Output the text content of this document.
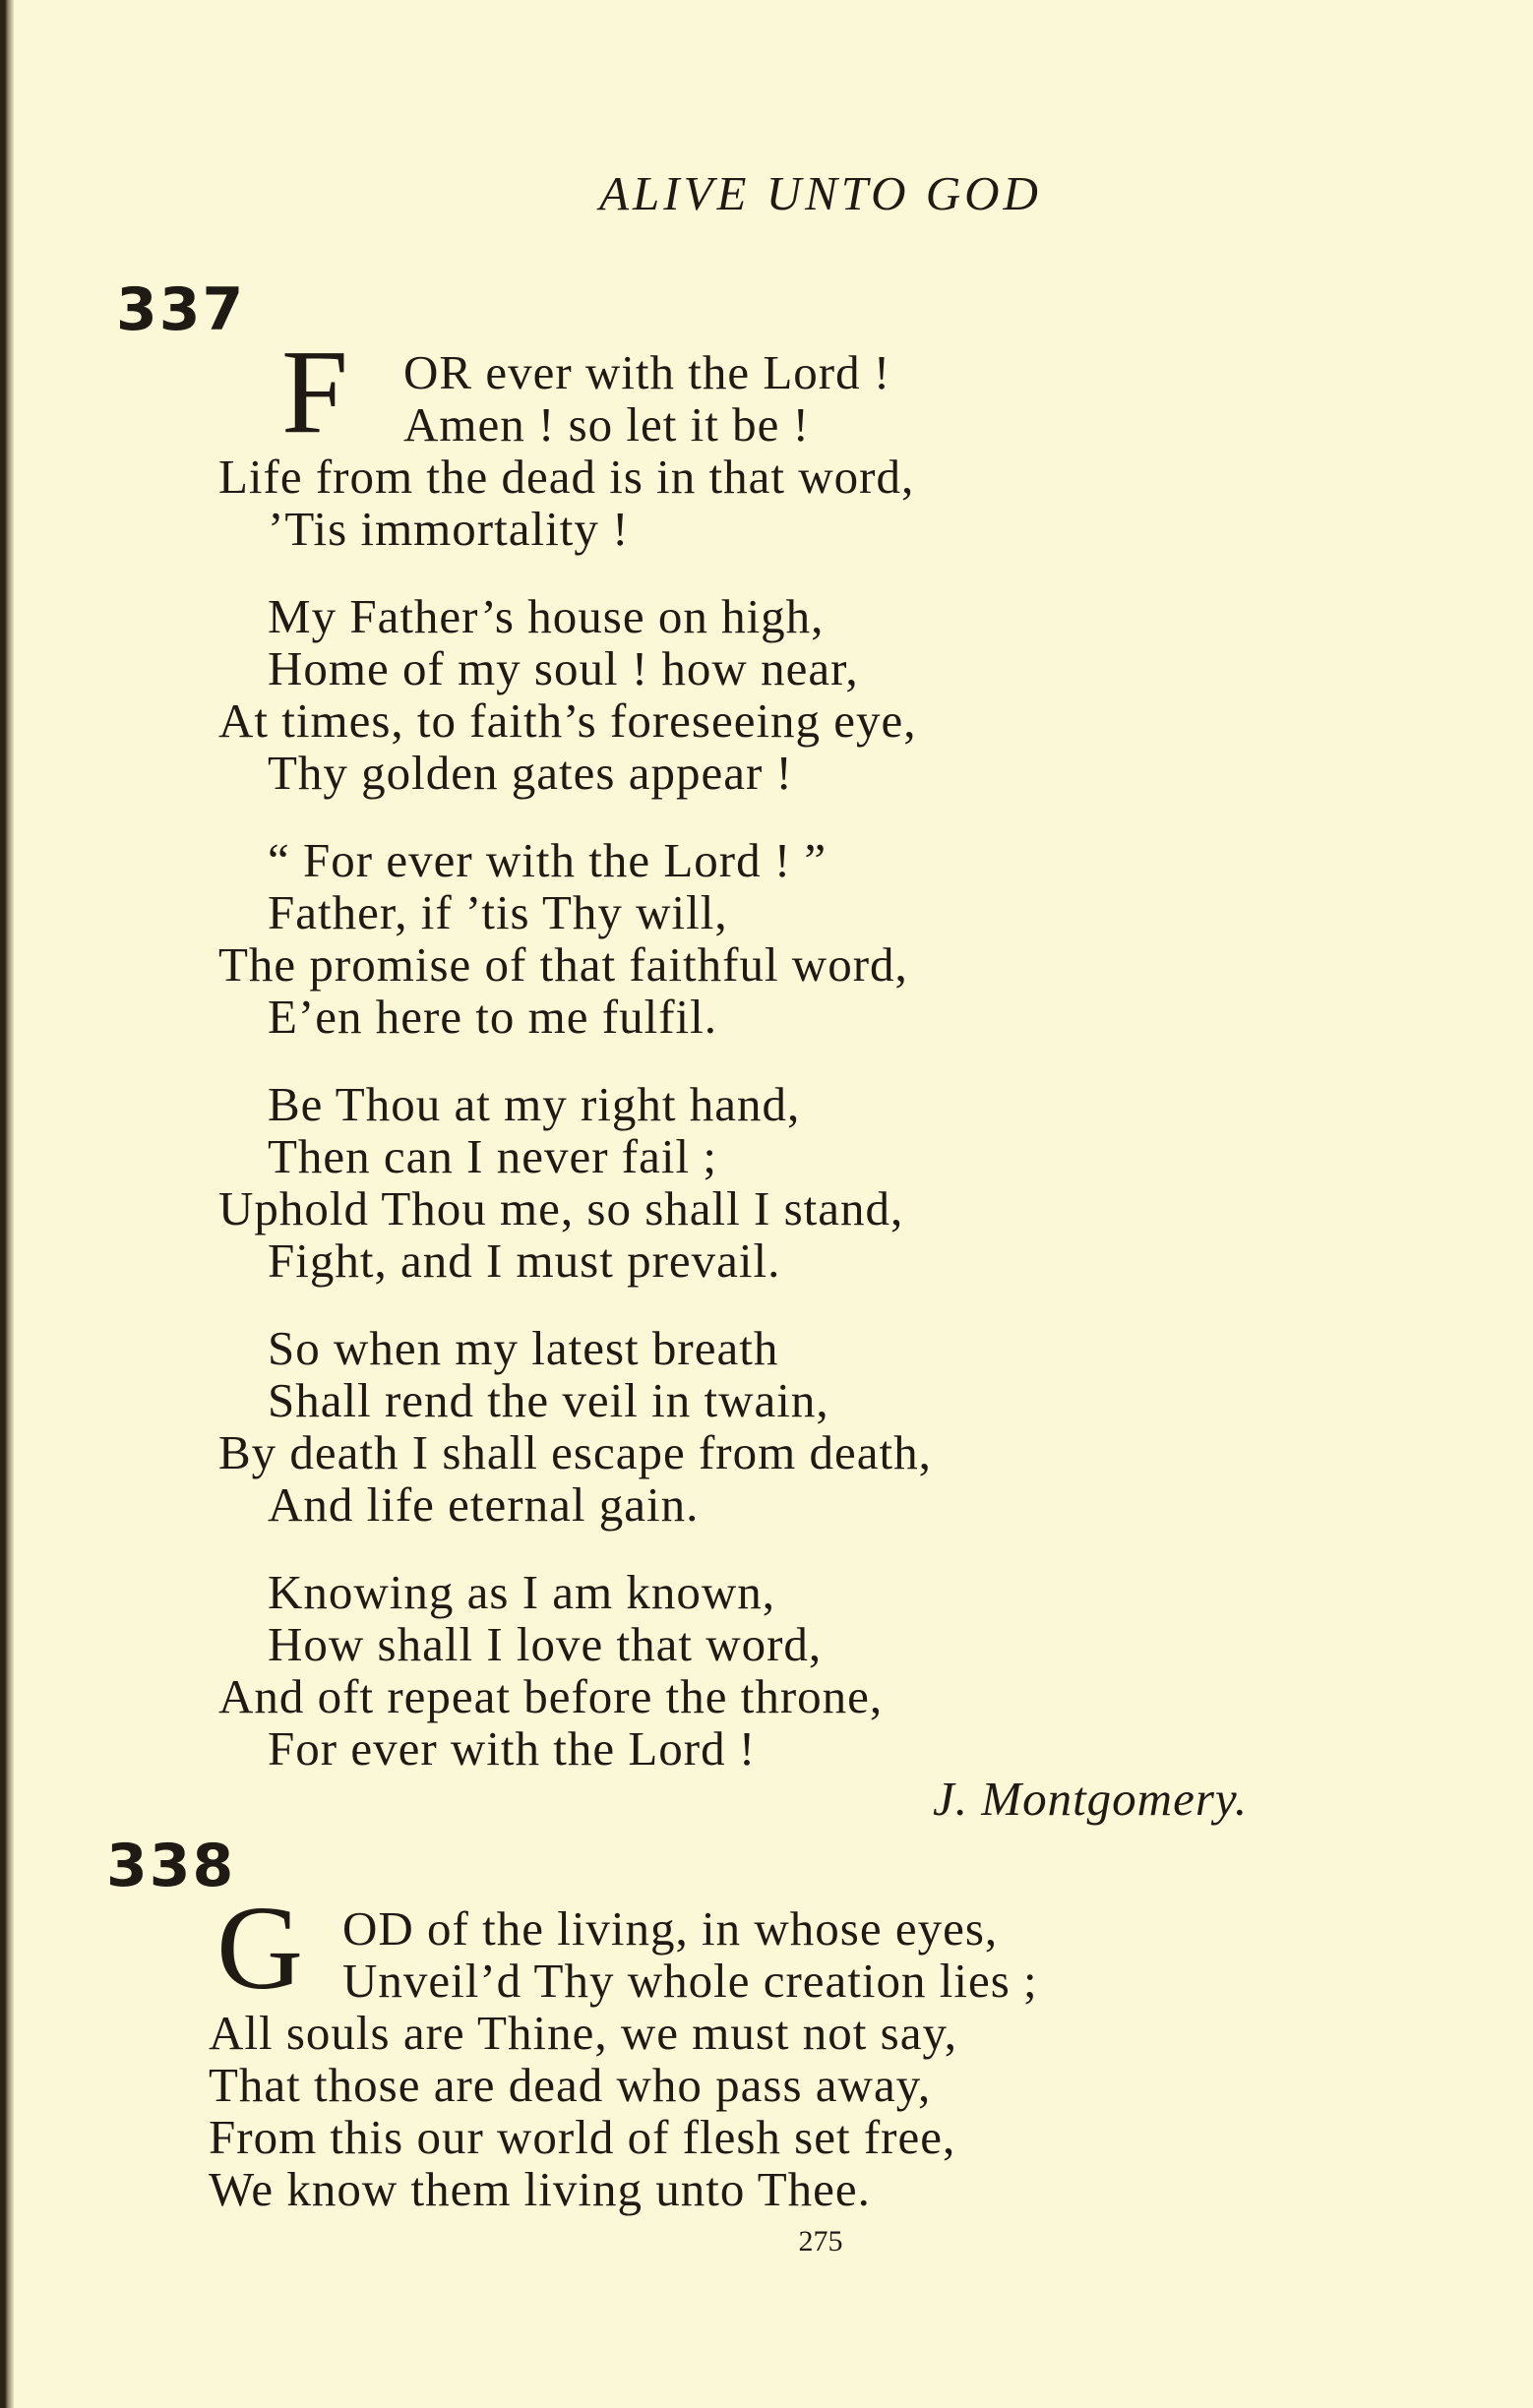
ALIVE UNTO GOD
337
F OR ever with the Lord !
Amen ! so let it be !
Life from the dead is in that word,
’Tis immortality !
My Father’s house on high,
Home of my soul ! how near,
At times, to faith’s foreseeing eye,
Thy golden gates appear !
“ For ever with the Lord ! ”
Father, if ’tis Thy will,
The promise of that faithful word,
E’en here to me fulfil.
Be Thou at my right hand,
Then can I never fail ;
Uphold Thou me, so shall I stand,
Fight, and I must prevail.
So when my latest breath
Shall rend the veil in twain,
By death I shall escape from death,
And life eternal gain.
Knowing as I am known,
How shall I love that word,
And oft repeat before the throne,
For ever with the Lord !
J. Montgomery.
338
G OD of the living, in whose eyes,
Unveil’d Thy whole creation lies ;
All souls are Thine, we must not say,
That those are dead who pass away,
From this our world of flesh set free,
We know them living unto Thee.
275
